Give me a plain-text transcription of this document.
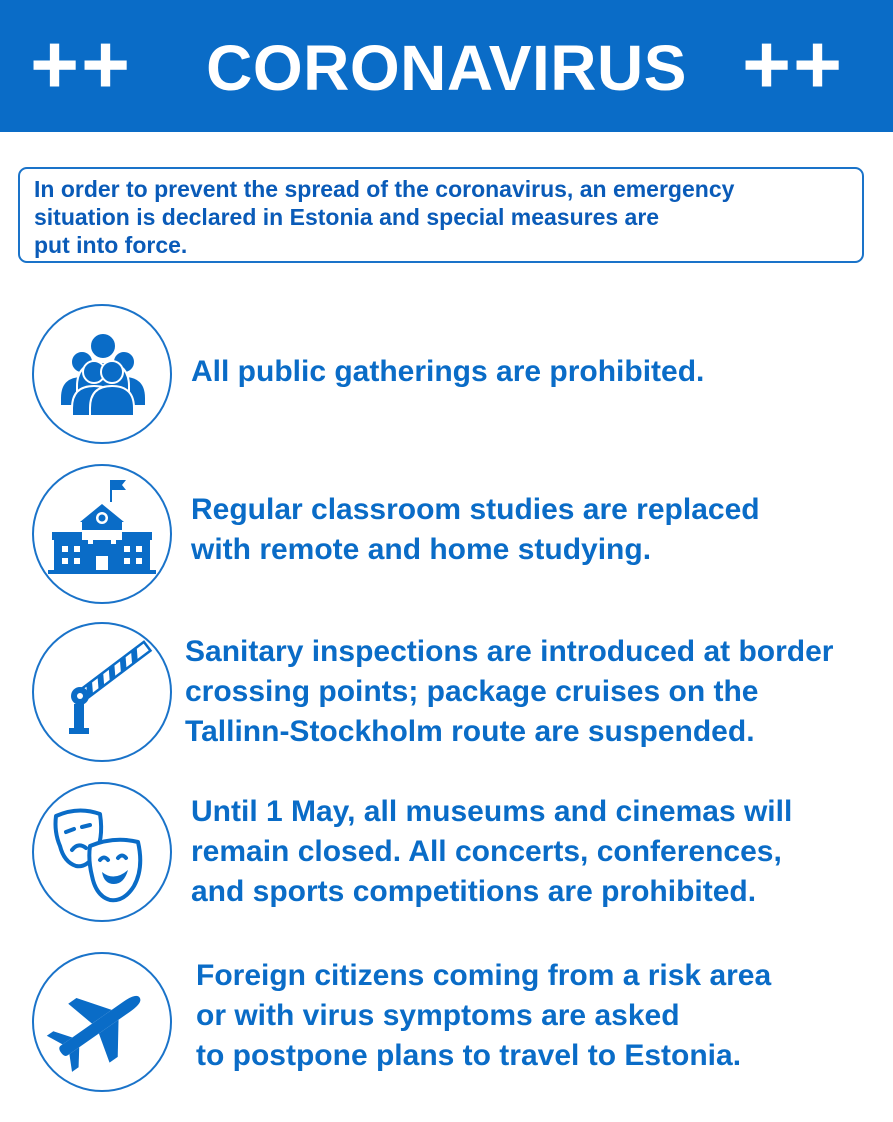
++	CORONAVIRUS ++
In order to prevent the spread of the coronavirus, an emergency
situation is declared in Estonia and special measures are
put into force.
All public gatherings are prohibited.
Regular classroom studies are replaced
with remote and home studying.
Sanitary inspections are introduced at border
crossing points; package cruises on the
Tallinn-Stockholm route are suspended.
Until 1 May, all museums and cinemas will
remain closed. All concerts, conferences,
and sports competitions are prohibited.
Foreign citizens coming from a risk area
or with virus symptoms are asked
to postpone plans to travel to Estonia.
